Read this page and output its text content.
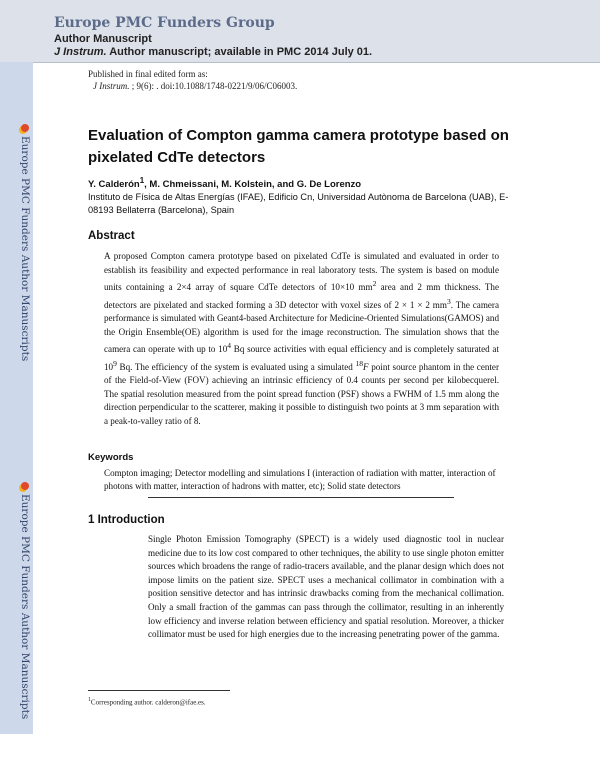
Europe PMC Funders Group
Author Manuscript
J Instrum. Author manuscript; available in PMC 2014 July 01.
Europe PMC Funders Author Manuscripts
Europe PMC Funders Author Manuscripts
Published in final edited form as:
J Instrum. ; 9(6): . doi:10.1088/1748-0221/9/06/C06003.
Evaluation of Compton gamma camera prototype based on pixelated CdTe detectors
Y. Calderón$^1$, M. Chmeissani, M. Kolstein, and G. De Lorenzo
Instituto de Física de Altas Energías (IFAE), Edificio Cn, Universidad Autònoma de Barcelona (UAB), E-08193 Bellaterra (Barcelona), Spain
Abstract
A proposed Compton camera prototype based on pixelated CdTe is simulated and evaluated in order to establish its feasibility and expected performance in real laboratory tests. The system is based on module units containing a 2×4 array of square CdTe detectors of 10×10 $mm^2$ area and 2 mm thickness. The detectors are pixelated and stacked forming a 3D detector with voxel sizes of 2 × 1 × 2 $mm^3$. The camera performance is simulated with Geant4-based Architecture for Medicine-Oriented Simulations(GAMOS) and the Origin Ensemble(OE) algorithm is used for the image reconstruction. The simulation shows that the camera can operate with up to $10^4$ Bq source activities with equal efficiency and is completely saturated at $10^9$ Bq. The efficiency of the system is evaluated using a simulated $^{18}$F point source phantom in the center of the Field-of-View (FOV) achieving an intrinsic efficiency of 0.4 counts per second per kilobecquerel. The spatial resolution measured from the point spread function (PSF) shows a FWHM of 1.5 mm along the direction perpendicular to the scatterer, making it possible to distinguish two points at 3 mm separation with a peak-to-valley ratio of 8.
Keywords
Compton imaging; Detector modelling and simulations I (interaction of radiation with matter, interaction of photons with matter, interaction of hadrons with matter, etc); Solid state detectors
1 Introduction
Single Photon Emission Tomography (SPECT) is a widely used diagnostic tool in nuclear medicine due to its low cost compared to other techniques, the ability to use single photon emitter sources which broadens the range of radio-tracers available, and the planar design which does not impose limits on the patient size. SPECT uses a mechanical collimator in combination with a position sensitive detector and has intrinsic drawbacks coming from the mechanical collimation. Only a small fraction of the gammas can pass through the collimator, resulting in an inherently low efficiency and inverse relation between efficiency and spatial resolution. Moreover, a thicker collimator must be used for high energies due to the increasing penetrating power of the gamma.
$^1$Corresponding author. calderon@ifae.es.
